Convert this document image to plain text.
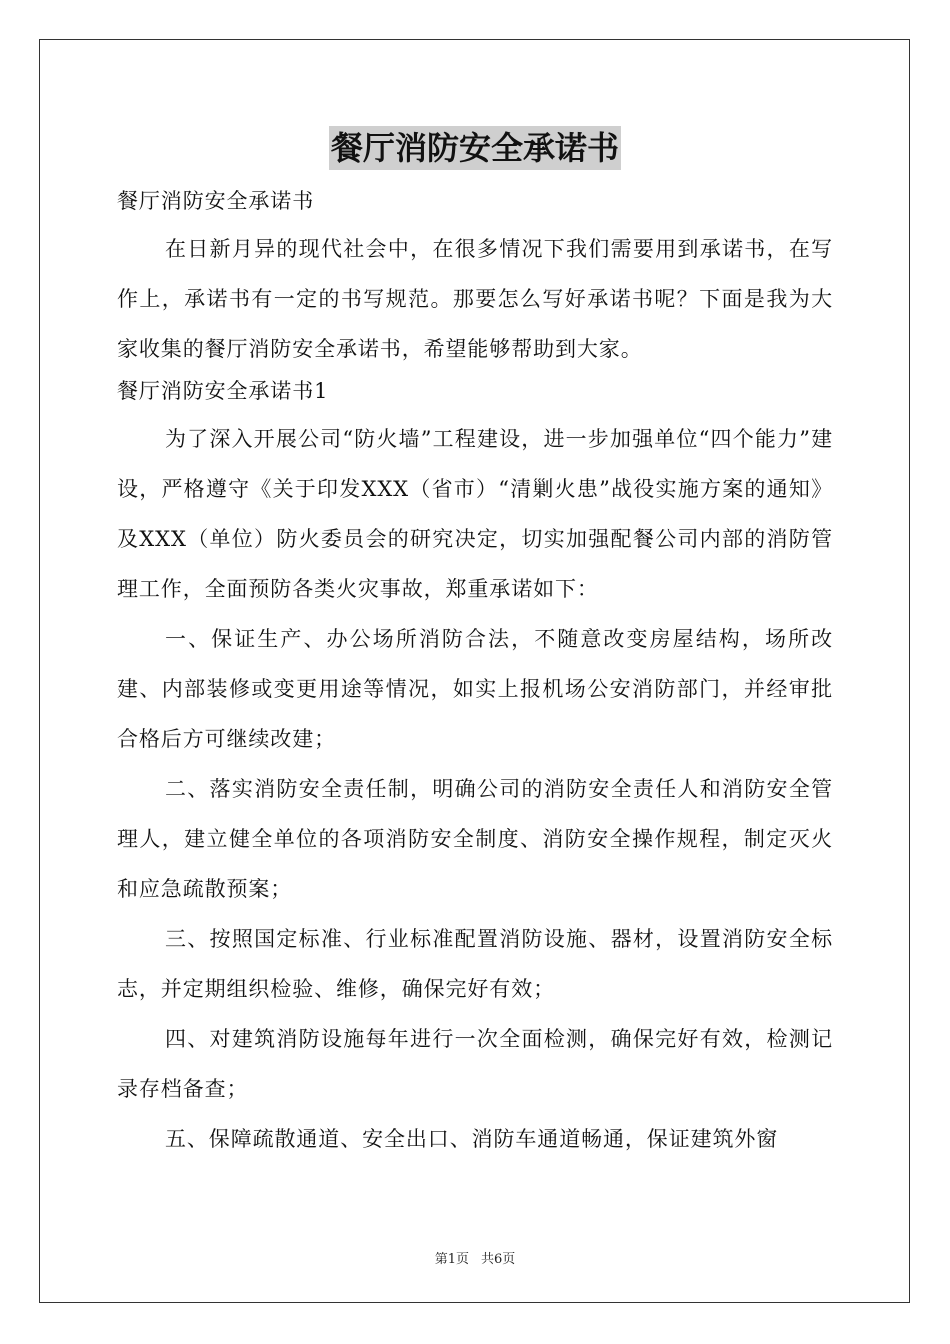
餐厅消防安全承诺书

餐厅消防安全承诺书

在日新月异的现代社会中，在很多情况下我们需要用到承诺书，在写作上，承诺书有一定的书写规范。那要怎么写好承诺书呢？下面是我为大家收集的餐厅消防安全承诺书，希望能够帮助到大家。

餐厅消防安全承诺书1

为了深入开展公司“防火墙”工程建设，进一步加强单位“四个能力”建设，严格遵守《关于印发XXX（省市）“清剿火患”战役实施方案的通知》及XXX（单位）防火委员会的研究决定，切实加强配餐公司内部的消防管理工作，全面预防各类火灾事故，郑重承诺如下：

一、保证生产、办公场所消防合法，不随意改变房屋结构，场所改建、内部装修或变更用途等情况，如实上报机场公安消防部门，并经审批合格后方可继续改建；

二、落实消防安全责任制，明确公司的消防安全责任人和消防安全管理人，建立健全单位的各项消防安全制度、消防安全操作规程，制定灭火和应急疏散预案；

三、按照国定标准、行业标准配置消防设施、器材，设置消防安全标志，并定期组织检验、维修，确保完好有效；

四、对建筑消防设施每年进行一次全面检测，确保完好有效，检测记录存档备查；

五、保障疏散通道、安全出口、消防车通道畅通，保证建筑外窗

第1页 共6页
